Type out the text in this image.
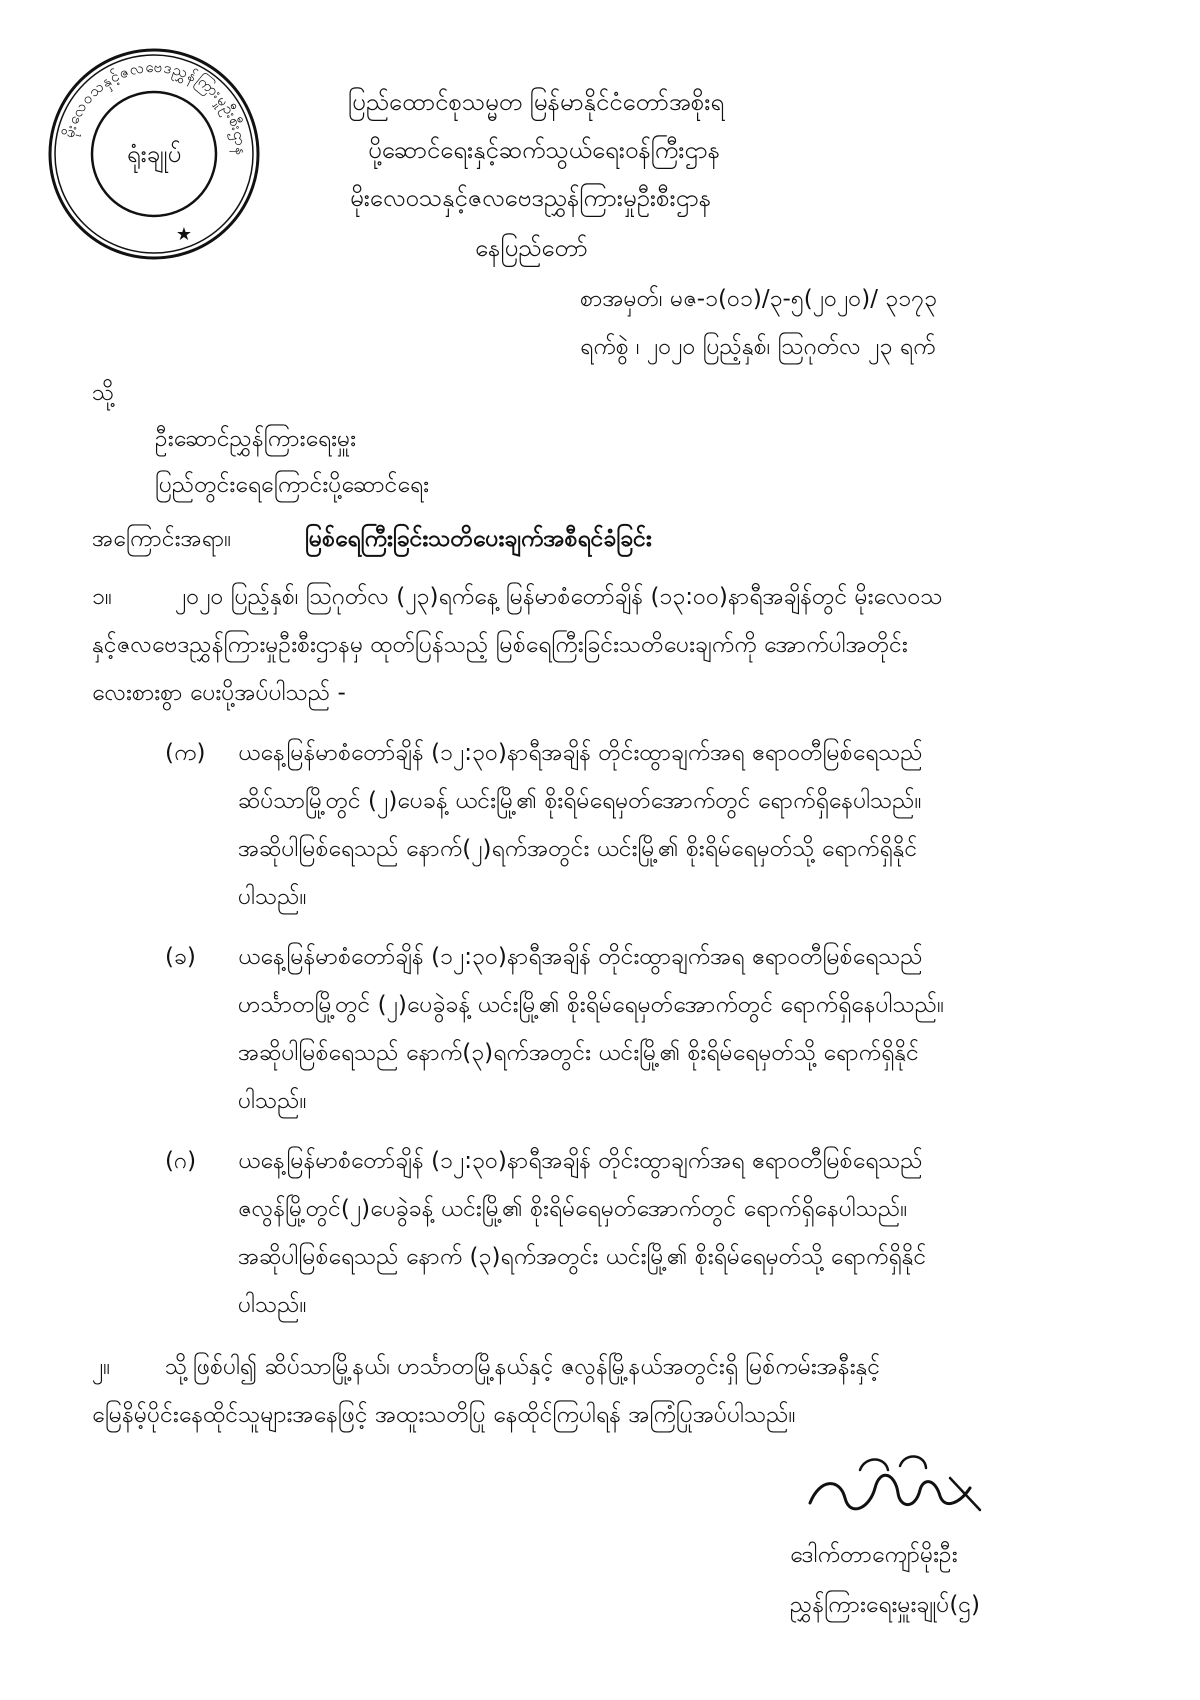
မိုးလေဝသနှင့်ဇလဗေဒညွှန်ကြားမှုဦးစီးဌာန
ရုံးချုပ်
★
ပြည်ထောင်စုသမ္မတ မြန်မာနိုင်ငံတော်အစိုးရ
ပို့ဆောင်ရေးနှင့်ဆက်သွယ်ရေးဝန်ကြီးဌာန
မိုးလေဝသနှင့်ဇလဗေဒညွှန်ကြားမှုဦးစီးဌာန
နေပြည်တော်
စာအမှတ်၊ မဇ-၁(၀၁)/၃-၅(၂၀၂၀)/ ၃၁၇၃
ရက်စွဲ ၊ ၂၀၂၀ ပြည့်နှစ်၊ ဩဂုတ်လ ၂၃ ရက်
သို့
ဦးဆောင်ညွှန်ကြားရေးမှူး
ပြည်တွင်းရေကြောင်းပို့ဆောင်ရေး
အကြောင်းအရာ။	မြစ်ရေကြီးခြင်းသတိပေးချက်အစီရင်ခံခြင်း
၁။	၂၀၂၀ ပြည့်နှစ်၊ ဩဂုတ်လ (၂၃)ရက်နေ့ မြန်မာစံတော်ချိန် (၁၃:၀၀)နာရီအချိန်တွင် မိုးလေဝသ
နှင့်ဇလဗေဒညွှန်ကြားမှုဦးစီးဌာနမှ ထုတ်ပြန်သည့် မြစ်ရေကြီးခြင်းသတိပေးချက်ကို အောက်ပါအတိုင်း
လေးစားစွာ ပေးပို့အပ်ပါသည် -
(က) ယနေ့မြန်မာစံတော်ချိန် (၁၂:၃၀)နာရီအချိန် တိုင်းထွာချက်အရ ဧရာဝတီမြစ်ရေသည်
ဆိပ်သာမြို့တွင် (၂)ပေခန့် ယင်းမြို့၏ စိုးရိမ်ရေမှတ်အောက်တွင် ရောက်ရှိနေပါသည်။
အဆိုပါမြစ်ရေသည် နောက်(၂)ရက်အတွင်း ယင်းမြို့၏ စိုးရိမ်ရေမှတ်သို့ ရောက်ရှိနိုင်
ပါသည်။
(ခ) ယနေ့မြန်မာစံတော်ချိန် (၁၂:၃၀)နာရီအချိန် တိုင်းထွာချက်အရ ဧရာဝတီမြစ်ရေသည်
ဟင်္သာတမြို့တွင် (၂)ပေခွဲခန့် ယင်းမြို့၏ စိုးရိမ်ရေမှတ်အောက်တွင် ရောက်ရှိနေပါသည်။
အဆိုပါမြစ်ရေသည် နောက်(၃)ရက်အတွင်း ယင်းမြို့၏ စိုးရိမ်ရေမှတ်သို့ ရောက်ရှိနိုင်
ပါသည်။
(ဂ) ယနေ့မြန်မာစံတော်ချိန် (၁၂:၃၀)နာရီအချိန် တိုင်းထွာချက်အရ ဧရာဝတီမြစ်ရေသည်
ဇလွန်မြို့တွင်(၂)ပေခွဲခန့် ယင်းမြို့၏ စိုးရိမ်ရေမှတ်အောက်တွင် ရောက်ရှိနေပါသည်။
အဆိုပါမြစ်ရေသည် နောက် (၃)ရက်အတွင်း ယင်းမြို့၏ စိုးရိမ်ရေမှတ်သို့ ရောက်ရှိနိုင်
ပါသည်။
၂။ သို့ဖြစ်ပါ၍ ဆိပ်သာမြို့နယ်၊ ဟင်္သာတမြို့နယ်နှင့် ဇလွန်မြို့နယ်အတွင်းရှိ မြစ်ကမ်းအနီးနှင့်
မြေနိမ့်ပိုင်းနေထိုင်သူများအနေဖြင့် အထူးသတိပြု နေထိုင်ကြပါရန် အကြံပြုအပ်ပါသည်။
ဒေါက်တာကျော်မိုးဦး
ညွှန်ကြားရေးမှူးချုပ်(ဌ)
